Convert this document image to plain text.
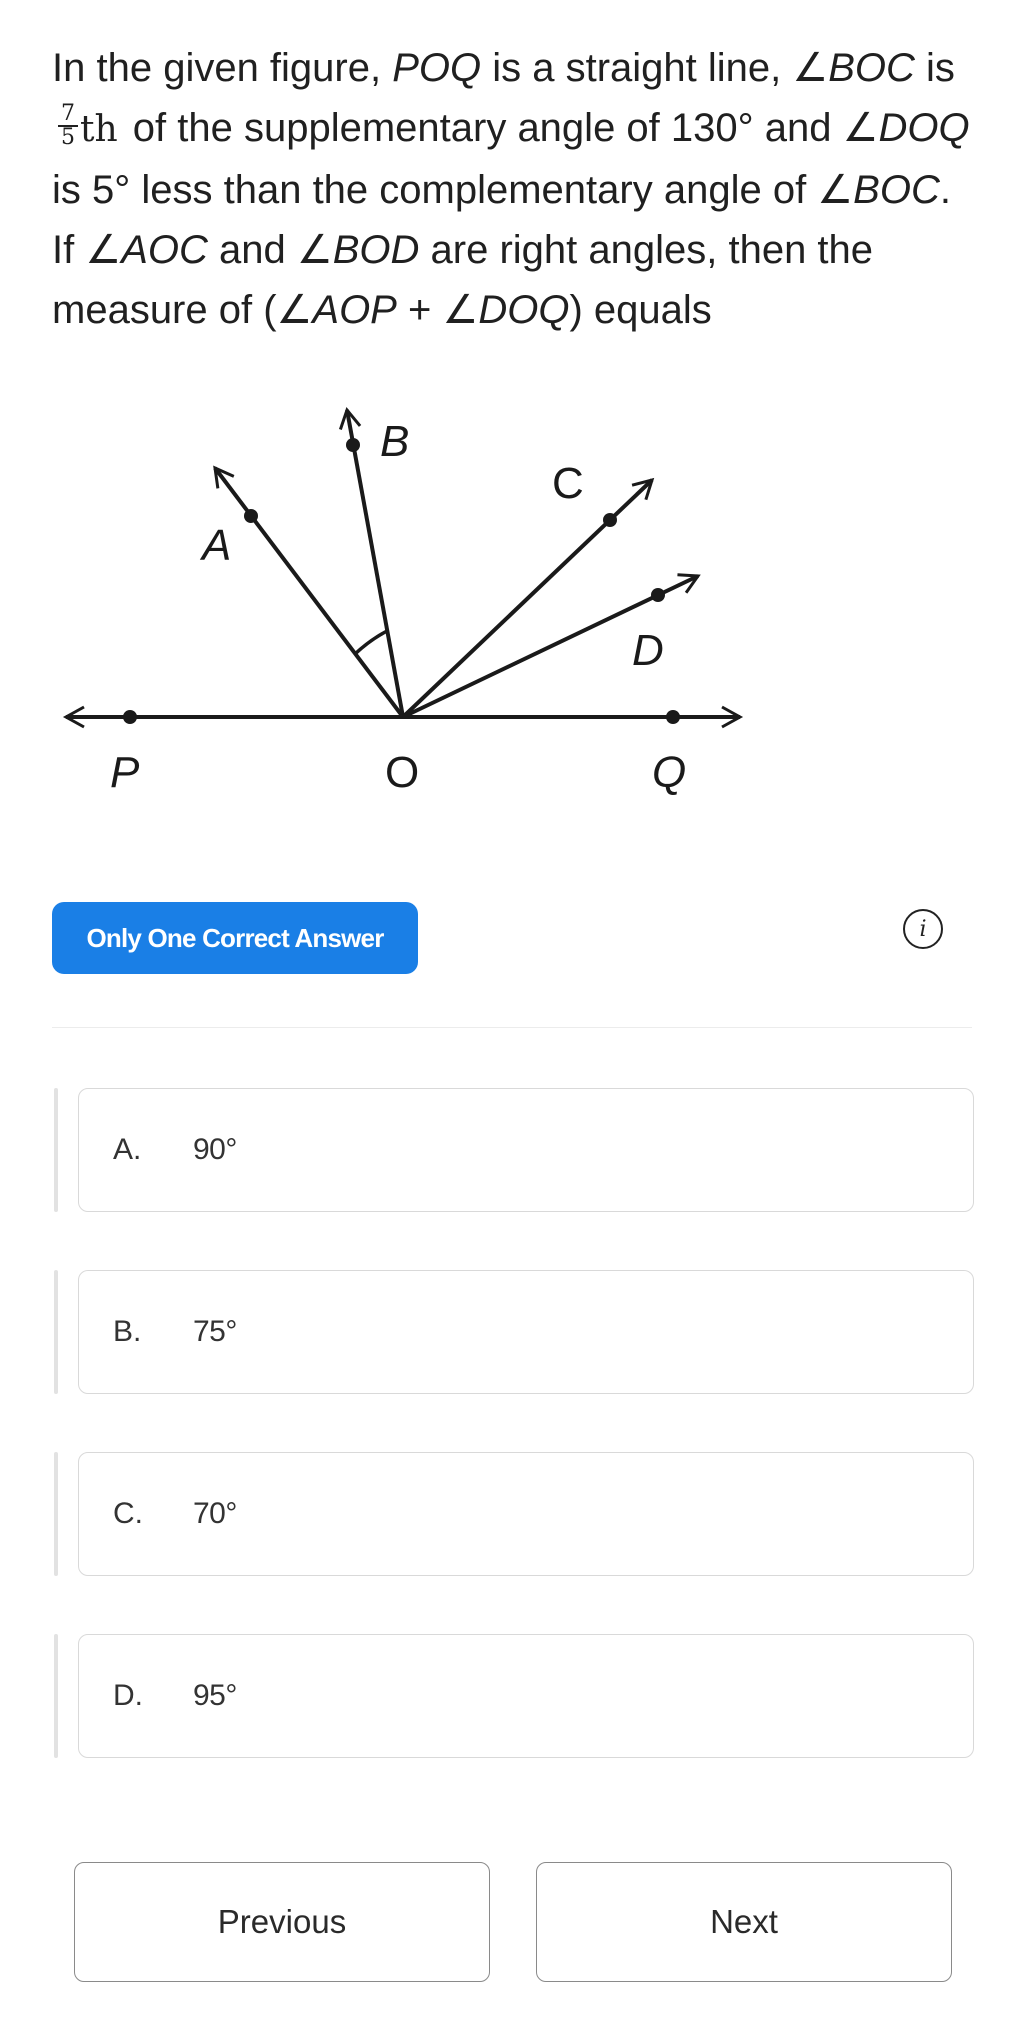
In the given figure, POQ is a straight line, ∠BOC is
$\frac{7}{5}$ th of the supplementary angle of 130° and ∠DOQ is 5° less than the complementary angle of ∠BOC. If ∠AOC and ∠BOD are right angles, then the measure of (∠AOP + ∠DOQ) equals
A
B
C
D
P	O	Q
Only One Correct Answer	i
A.	90°
B.	75°
C.	70°
D.	95°
Previous	Next
